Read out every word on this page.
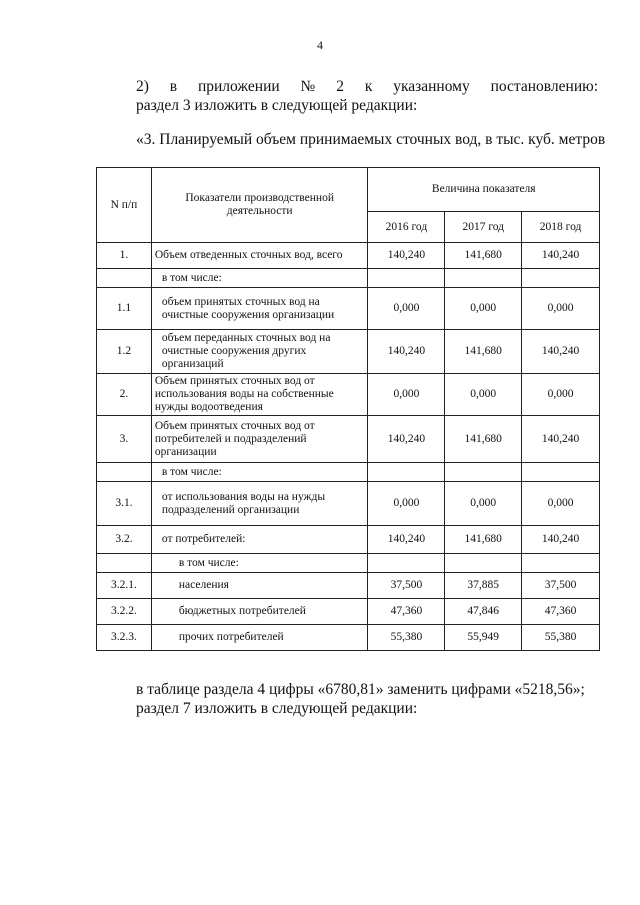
4
2) в приложении № 2 к указанному постановлению:
раздел 3 изложить в следующей редакции:
«3. Планируемый объем принимаемых сточных вод, в тыс. куб. метров
N п/п	Показатели производственной деятельности	Величина показателя		
		2016 год	2017 год	2018 год
1.	Объем отведенных сточных вод, всего	140,240	141,680	140,240
	в том числе:			
1.1	объем принятых сточных вод на очистные сооружения организации	0,000	0,000	0,000
1.2	объем переданных сточных вод на очистные сооружения других организаций	140,240	141,680	140,240
2.	Объем принятых сточных вод от использования воды на собственные нужды водоотведения	0,000	0,000	0,000
3.	Объем принятых сточных вод от потребителей и подразделений организации	140,240	141,680	140,240
	в том числе:			
3.1.	от использования воды на нужды подразделений организации	0,000	0,000	0,000
3.2.	от потребителей:	140,240	141,680	140,240
	в том числе:			
3.2.1.	населения	37,500	37,885	37,500
3.2.2.	бюджетных потребителей	47,360	47,846	47,360
3.2.3.	прочих потребителей	55,380	55,949	55,380
в таблице раздела 4 цифры «6780,81» заменить цифрами «5218,56»;
раздел 7 изложить в следующей редакции:
